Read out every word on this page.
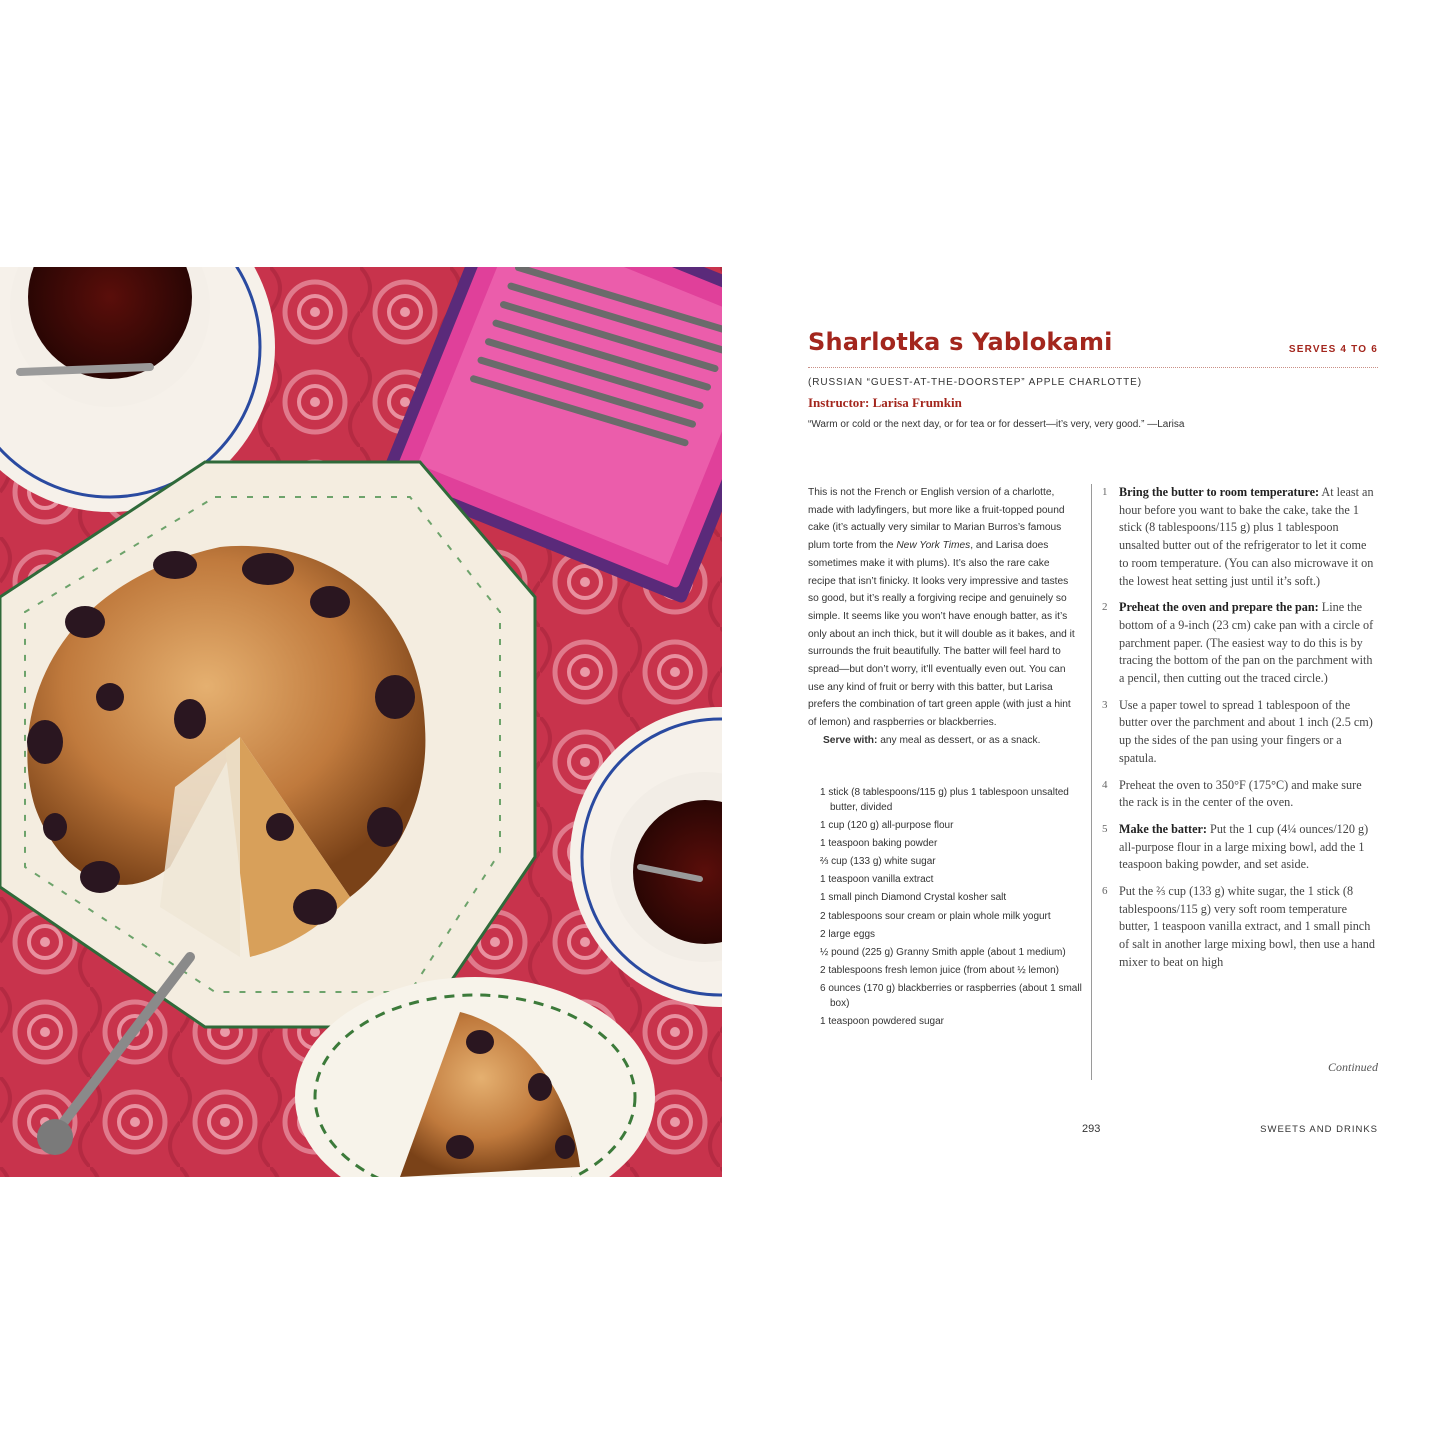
Sharlotka s Yablokami	SERVES 4 TO 6
(RUSSIAN “GUEST-AT-THE-DOORSTEP” APPLE CHARLOTTE)
Instructor: Larisa Frumkin
“Warm or cold or the next day, or for tea or for dessert—it’s very, very good.” —Larisa

This is not the French or English version of a charlotte, made with ladyfingers, but more like a fruit-topped pound cake (it’s actually very similar to Marian Burros’s famous plum torte from the New York Times, and Larisa does sometimes make it with plums). It’s also the rare cake recipe that isn’t finicky. It looks very impressive and tastes so good, but it’s really a forgiving recipe and genuinely so simple. It seems like you won’t have enough batter, as it’s only about an inch thick, but it will double as it bakes, and it surrounds the fruit beautifully. The batter will feel hard to spread—but don’t worry, it’ll eventually even out. You can use any kind of fruit or berry with this batter, but Larisa prefers the combination of tart green apple (with just a hint of lemon) and raspberries or blackberries.

Serve with: any meal as dessert, or as a snack.

1 stick (8 tablespoons/115 g) plus 1 tablespoon unsalted butter, divided
1 cup (120 g) all-purpose flour
1 teaspoon baking powder
⅔ cup (133 g) white sugar
1 teaspoon vanilla extract
1 small pinch Diamond Crystal kosher salt
2 tablespoons sour cream or plain whole milk yogurt
2 large eggs
½ pound (225 g) Granny Smith apple (about 1 medium)
2 tablespoons fresh lemon juice (from about ½ lemon)
6 ounces (170 g) blackberries or raspberries (about 1 small box)
1 teaspoon powdered sugar
1 Bring the butter to room temperature: At least an hour before you want to bake the cake, take the 1 stick (8 tablespoons/115 g) plus 1 tablespoon unsalted butter out of the refrigerator to let it come to room temperature. (You can also microwave it on the lowest heat setting just until it’s soft.)
2 Preheat the oven and prepare the pan: Line the bottom of a 9-inch (23 cm) cake pan with a circle of parchment paper. (The easiest way to do this is by tracing the bottom of the pan on the parchment with a pencil, then cutting out the traced circle.)
3 Use a paper towel to spread 1 tablespoon of the butter over the parchment and about 1 inch (2.5 cm) up the sides of the pan using your fingers or a spatula.
4 Preheat the oven to 350°F (175°C) and make sure the rack is in the center of the oven.
5 Make the batter: Put the 1 cup (4¼ ounces/120 g) all-purpose flour in a large mixing bowl, add the 1 teaspoon baking powder, and set aside.
6 Put the ⅔ cup (133 g) white sugar, the 1 stick (8 tablespoons/115 g) very soft room temperature butter, 1 teaspoon vanilla extract, and 1 small pinch of salt in another large mixing bowl, then use a hand mixer to beat on high
Continued
293	SWEETS AND DRINKS
